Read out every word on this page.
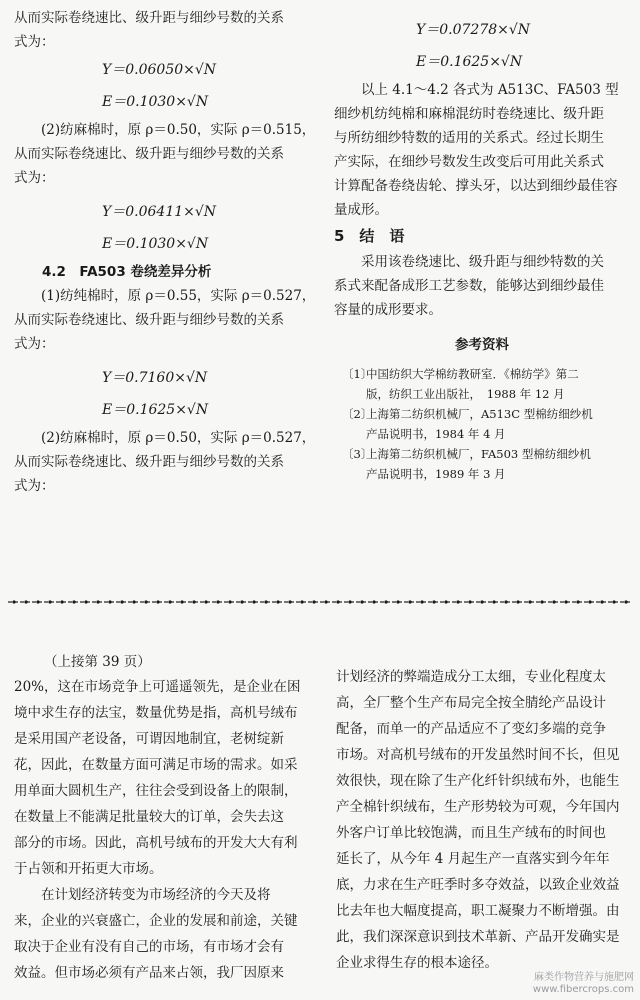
从而实际卷绕速比、级升距与细纱号数的关系
式为：
Y＝0.06050×√N
E＝0.1030×√N
(2)纺麻棉时，原 ρ＝0.50，实际 ρ＝0.515，
从而实际卷绕速比、级升距与细纱号数的关系
式为：
Y＝0.06411×√N
E＝0.1030×√N
4.2　FA503 卷绕差异分析
(1)纺纯棉时，原 ρ＝0.55，实际 ρ＝0.527，
从而实际卷绕速比、级升距与细纱号数的关系
式为：
Y＝0.7160×√N
E＝0.1625×√N
(2)纺麻棉时，原 ρ＝0.50，实际 ρ＝0.527，
从而实际卷绕速比、级升距与细纱号数的关系
式为：
Y＝0.07278×√N
E＝0.1625×√N
以上 4.1～4.2 各式为 A513C、FA503 型
细纱机纺纯棉和麻棉混纺时卷绕速比、级升距
与所纺细纱特数的适用的关系式。经过长期生
产实际，在细纱号数发生改变后可用此关系式
计算配备卷绕齿轮、撑头牙，以达到细纱最佳容
量成形。
5　结　语
采用该卷绕速比、级升距与细纱特数的关
系式来配备成形工艺参数，能够达到细纱最佳
容量的成形要求。
参考资料
〔1〕中国纺织大学棉纺教研室．《棉纺学》第二
版，纺织工业出版社，　1988 年 12 月
〔2〕上海第二纺织机械厂，A513C 型棉纺细纱机
产品说明书，1984 年 4 月
〔3〕上海第二纺织机械厂，FA503 型棉纺细纱机
产品说明书，1989 年 3 月
（上接第 39 页）
20%，这在市场竞争上可遥遥领先，是企业在困
境中求生存的法宝，数量优势是指，高机号绒布
是采用国产老设备，可谓因地制宜，老树绽新
花，因此，在数量方面可满足市场的需求。如采
用单面大圆机生产，往往会受到设备上的限制，
在数量上不能满足批量较大的订单，会失去这
部分的市场。因此，高机号绒布的开发大大有利
于占领和开拓更大市场。
在计划经济转变为市场经济的今天及将
来，企业的兴衰盛亡，企业的发展和前途，关键
取决于企业有没有自己的市场，有市场才会有
效益。但市场必须有产品来占领，我厂因原来
计划经济的弊端造成分工太细，专业化程度太
高，全厂整个生产布局完全按全腈纶产品设计
配备，而单一的产品适应不了变幻多端的竞争
市场。对高机号绒布的开发虽然时间不长，但见
效很快，现在除了生产化纤针织绒布外，也能生
产全棉针织绒布，生产形势较为可观，今年国内
外客户订单比较饱满，而且生产绒布的时间也
延长了，从今年 4 月起生产一直落实到今年年
底，力求在生产旺季时多夺效益，以致企业效益
比去年也大幅度提高，职工凝聚力不断增强。由
此，我们深深意识到技术革新、产品开发确实是
企业求得生存的根本途径。
麻类作物营养与施肥网
www.fibercrops.com
